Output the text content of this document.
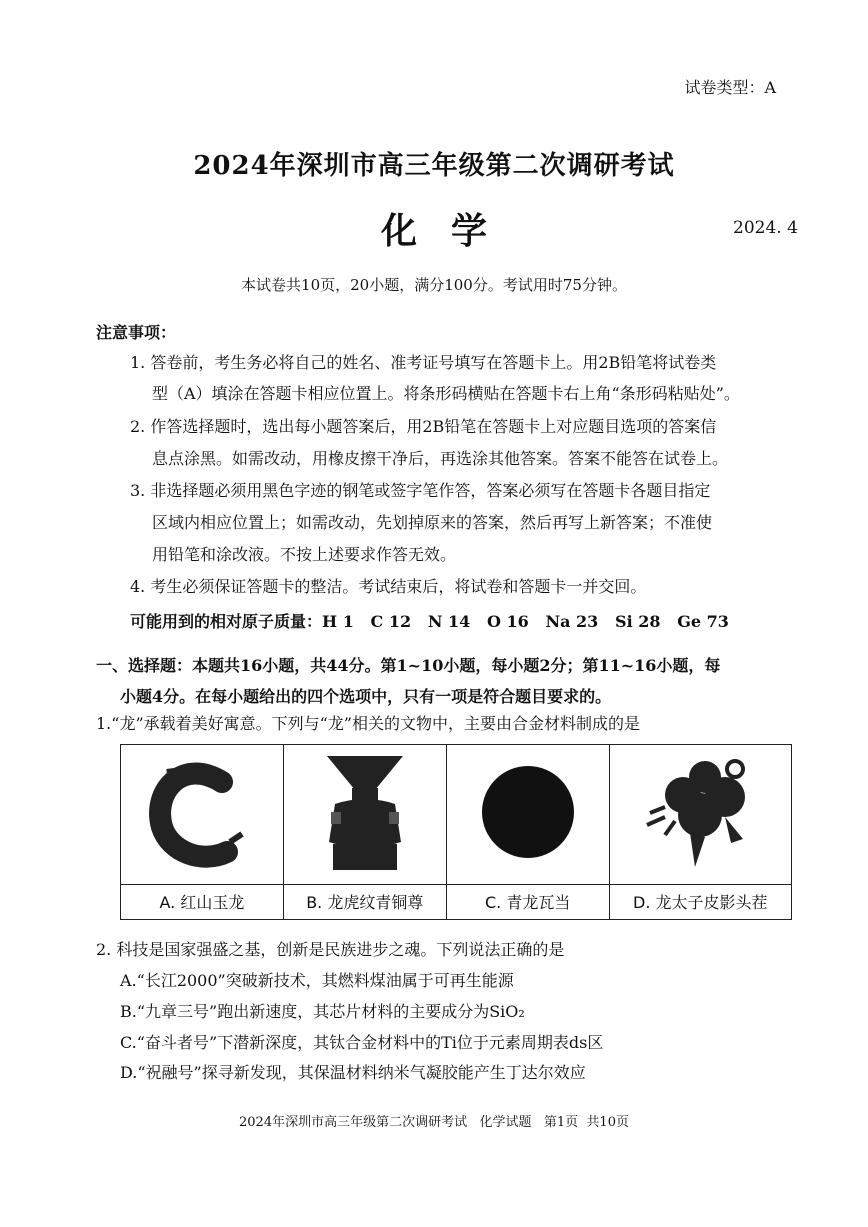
试卷类型：A
2024年深圳市高三年级第二次调研考试
化学	2024. 4
本试卷共10页，20小题，满分100分。考试用时75分钟。
注意事项：
1. 答卷前，考生务必将自己的姓名、准考证号填写在答题卡上。用2B铅笔将试卷类
型（A）填涂在答题卡相应位置上。将条形码横贴在答题卡右上角“条形码粘贴处”。
2. 作答选择题时，选出每小题答案后，用2B铅笔在答题卡上对应题目选项的答案信
息点涂黑。如需改动，用橡皮擦干净后，再选涂其他答案。答案不能答在试卷上。
3. 非选择题必须用黑色字迹的钢笔或签字笔作答，答案必须写在答题卡各题目指定
区域内相应位置上；如需改动，先划掉原来的答案，然后再写上新答案；不准使
用铅笔和涂改液。不按上述要求作答无效。
4. 考生必须保证答题卡的整洁。考试结束后，将试卷和答题卡一并交回。
可能用到的相对原子质量：H 1   C 12   N 14   O 16   Na 23   Si 28   Ge 73
一、选择题：本题共16小题，共44分。第1~10小题，每小题2分；第11~16小题，每
小题4分。在每小题给出的四个选项中，只有一项是符合题目要求的。
1.“龙”承载着美好寓意。下列与“龙”相关的文物中，主要由合金材料制成的是

A. 红山玉龙	B. 龙虎纹青铜尊	C. 青龙瓦当	D. 龙太子皮影头茬
2. 科技是国家强盛之基，创新是民族进步之魂。下列说法正确的是
A.“长江2000”突破新技术，其燃料煤油属于可再生能源
B.“九章三号”跑出新速度，其芯片材料的主要成分为SiO₂
C.“奋斗者号”下潜新深度，其钛合金材料中的Ti位于元素周期表ds区
D.“祝融号”探寻新发现，其保温材料纳米气凝胶能产生丁达尔效应
2024年深圳市高三年级第二次调研考试   化学试题   第1页  共10页
